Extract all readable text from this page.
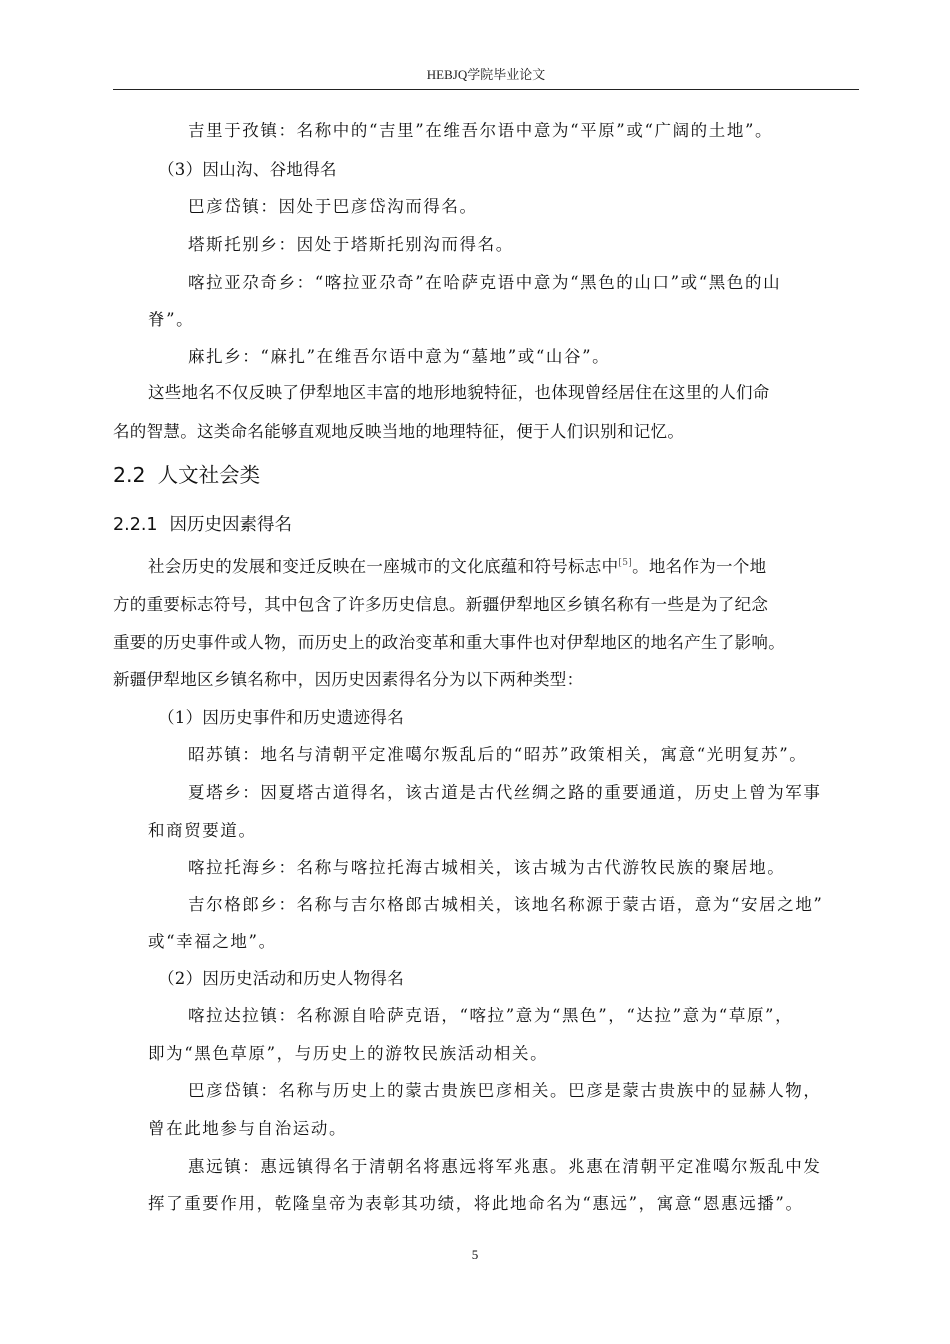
HEBJQ学院毕业论文
吉里于孜镇：名称中的“吉里”在维吾尔语中意为“平原”或“广阔的土地”。
（3）因山沟、谷地得名
巴彦岱镇：因处于巴彦岱沟而得名。
塔斯托别乡：因处于塔斯托别沟而得名。
喀拉亚尕奇乡：“喀拉亚尕奇”在哈萨克语中意为“黑色的山口”或“黑色的山
脊”。
麻扎乡：“麻扎”在维吾尔语中意为“墓地”或“山谷”。
这些地名不仅反映了伊犁地区丰富的地形地貌特征，也体现曾经居住在这里的人们命
名的智慧。这类命名能够直观地反映当地的地理特征，便于人们识别和记忆。
2.2 人文社会类
2.2.1 因历史因素得名
社会历史的发展和变迁反映在一座城市的文化底蕴和符号标志中[5]。地名作为一个地
方的重要标志符号，其中包含了许多历史信息。新疆伊犁地区乡镇名称有一些是为了纪念
重要的历史事件或人物，而历史上的政治变革和重大事件也对伊犁地区的地名产生了影响。
新疆伊犁地区乡镇名称中，因历史因素得名分为以下两种类型：
（1）因历史事件和历史遗迹得名
昭苏镇：地名与清朝平定准噶尔叛乱后的“昭苏”政策相关，寓意“光明复苏”。
夏塔乡：因夏塔古道得名，该古道是古代丝绸之路的重要通道，历史上曾为军事
和商贸要道。
喀拉托海乡：名称与喀拉托海古城相关，该古城为古代游牧民族的聚居地。
吉尔格郎乡：名称与吉尔格郎古城相关，该地名称源于蒙古语，意为“安居之地”
或“幸福之地”。
（2）因历史活动和历史人物得名
喀拉达拉镇：名称源自哈萨克语，“喀拉”意为“黑色”，“达拉”意为“草原”，
即为“黑色草原”，与历史上的游牧民族活动相关。
巴彦岱镇：名称与历史上的蒙古贵族巴彦相关。巴彦是蒙古贵族中的显赫人物，
曾在此地参与自治运动。
惠远镇：惠远镇得名于清朝名将惠远将军兆惠。兆惠在清朝平定准噶尔叛乱中发
挥了重要作用，乾隆皇帝为表彰其功绩，将此地命名为“惠远”，寓意“恩惠远播”。
5
